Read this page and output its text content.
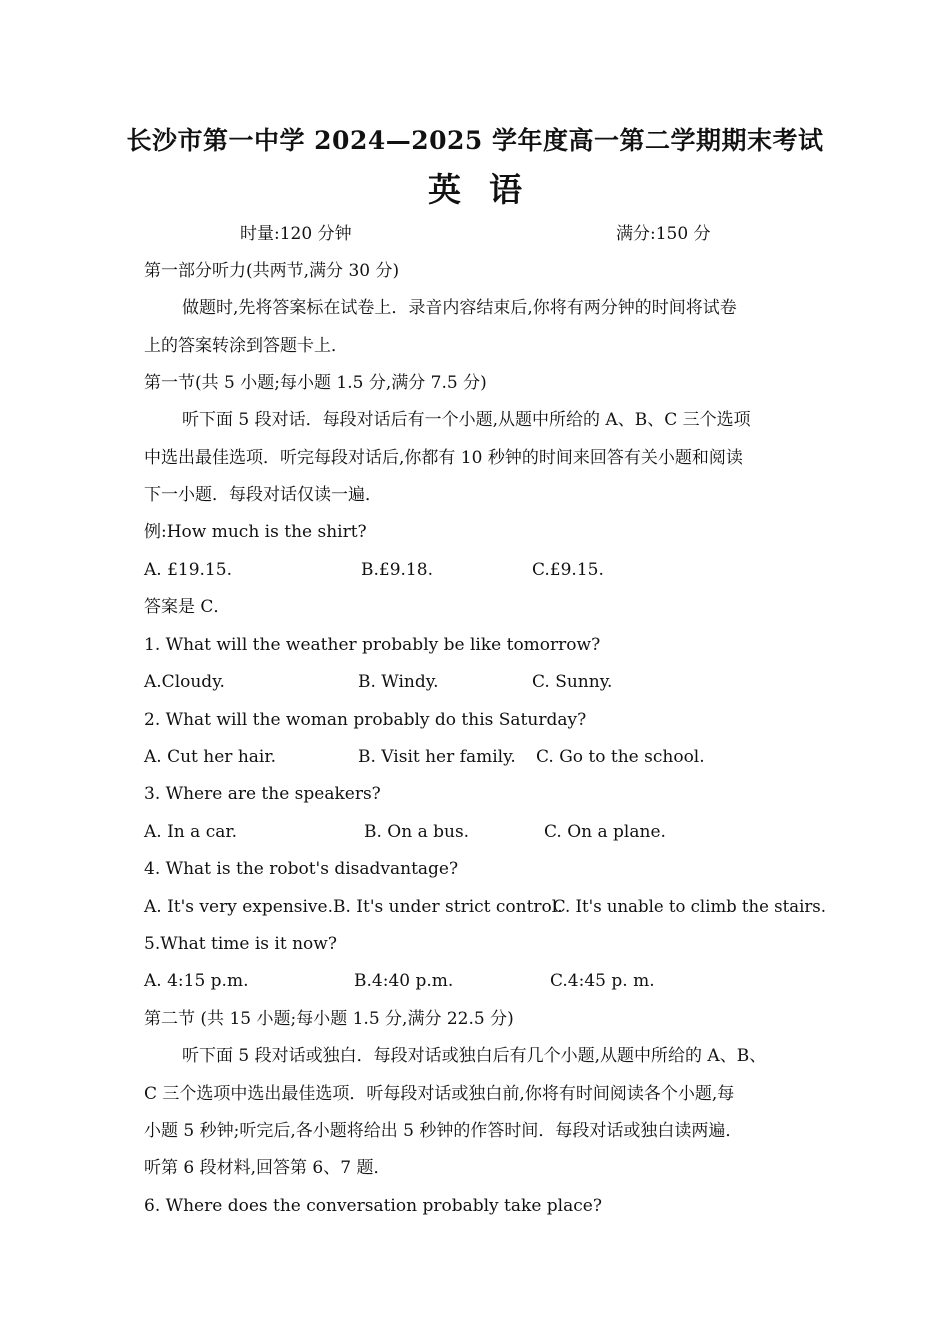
长沙市第一中学 2024—2025 学年度高一第二学期期末考试
英语
时量:120 分钟	满分:150 分
第一部分听力(共两节,满分 30 分)
做题时,先将答案标在试卷上．录音内容结束后,你将有两分钟的时间将试卷
上的答案转涂到答题卡上．
第一节(共 5 小题;每小题 1.5 分,满分 7.5 分)
听下面 5 段对话．每段对话后有一个小题,从题中所给的 A、B、C 三个选项
中选出最佳选项．听完每段对话后,你都有 10 秒钟的时间来回答有关小题和阅读
下一小题．每段对话仅读一遍．
例:How much is the shirt?
A. £19.15.	B.£9.18.	C.£9.15.
答案是 C．
1. What will the weather probably be like tomorrow?
A.Cloudy.	B. Windy.	C. Sunny.
2. What will the woman probably do this Saturday?
A. Cut her hair.	B. Visit her family. C. Go to the school.
3. Where are the speakers?
A. In a car.	B. On a bus.	C. On a plane.
4. What is the robot's disadvantage?
A. It's very expensive. B. It's under strict control.
C. It's unable to climb the stairs.
5.What time is it now?
A. 4:15 p.m.	B.4:40 p.m.	C.4:45 p. m.
第二节 (共 15 小题;每小题 1.5 分,满分 22.5 分)
听下面 5 段对话或独白．每段对话或独白后有几个小题,从题中所给的 A、B、
C 三个选项中选出最佳选项．听每段对话或独白前,你将有时间阅读各个小题,每
小题 5 秒钟;听完后,各小题将给出 5 秒钟的作答时间．每段对话或独白读两遍．
听第 6 段材料,回答第 6、7 题．
6. Where does the conversation probably take place?
